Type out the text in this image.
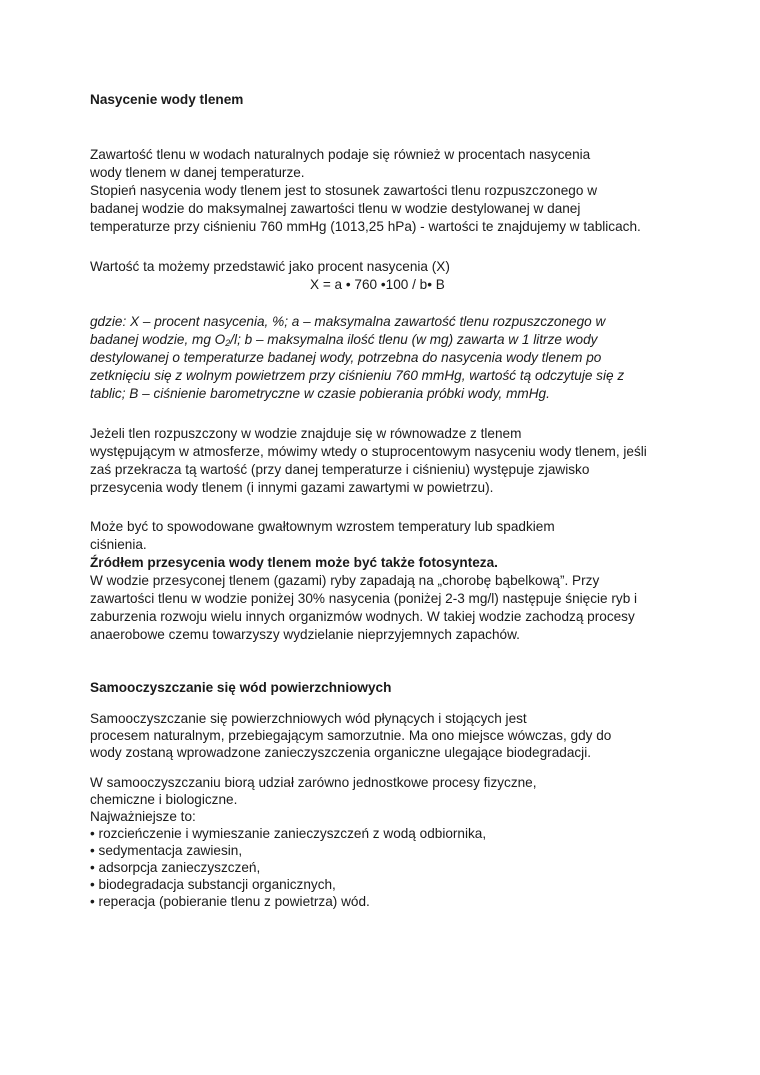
Nasycenie wody tlenem
Zawartość tlenu w wodach naturalnych podaje się również w procentach nasycenia
wody tlenem w danej temperaturze.
Stopień nasycenia wody tlenem jest to stosunek zawartości tlenu rozpuszczonego w
badanej wodzie do maksymalnej zawartości tlenu w wodzie destylowanej w danej
temperaturze przy ciśnieniu 760 mmHg (1013,25 hPa) - wartości te znajdujemy w tablicach.
Wartość ta możemy przedstawić jako procent nasycenia (X)
X = a • 760 •100 / b• B
gdzie: X – procent nasycenia, %; a – maksymalna zawartość tlenu rozpuszczonego w
badanej wodzie, mg $O_2/l$; b – maksymalna ilość tlenu (w mg) zawarta w 1 litrze wody
destylowanej o temperaturze badanej wody, potrzebna do nasycenia wody tlenem po
zetknięciu się z wolnym powietrzem przy ciśnieniu 760 mmHg, wartość tą odczytuje się z
tablic; B – ciśnienie barometryczne w czasie pobierania próbki wody, mmHg.
Jeżeli tlen rozpuszczony w wodzie znajduje się w równowadze z tlenem
występującym w atmosferze, mówimy wtedy o stuprocentowym nasyceniu wody tlenem, jeśli
zaś przekracza tą wartość (przy danej temperaturze i ciśnieniu) występuje zjawisko
przesycenia wody tlenem (i innymi gazami zawartymi w powietrzu).
Może być to spowodowane gwałtownym wzrostem temperatury lub spadkiem
ciśnienia.
Źródłem przesycenia wody tlenem może być także fotosynteza.
W wodzie przesyconej tlenem (gazami) ryby zapadają na „chorobę bąbelkową”. Przy
zawartości tlenu w wodzie poniżej 30% nasycenia (poniżej 2-3 mg/l) następuje śnięcie ryb i
zaburzenia rozwoju wielu innych organizmów wodnych. W takiej wodzie zachodzą procesy
anaerobowe czemu towarzyszy wydzielanie nieprzyjemnych zapachów.
Samooczyszczanie się wód powierzchniowych
Samooczyszczanie się powierzchniowych wód płynących i stojących jest
procesem naturalnym, przebiegającym samorzutnie. Ma ono miejsce wówczas, gdy do
wody zostaną wprowadzone zanieczyszczenia organiczne ulegające biodegradacji.
W samooczyszczaniu biorą udział zarówno jednostkowe procesy fizyczne,
chemiczne i biologiczne.
Najważniejsze to:
• rozcieńczenie i wymieszanie zanieczyszczeń z wodą odbiornika,
• sedymentacja zawiesin,
• adsorpcja zanieczyszczeń,
• biodegradacja substancji organicznych,
• reperacja (pobieranie tlenu z powietrza) wód.
